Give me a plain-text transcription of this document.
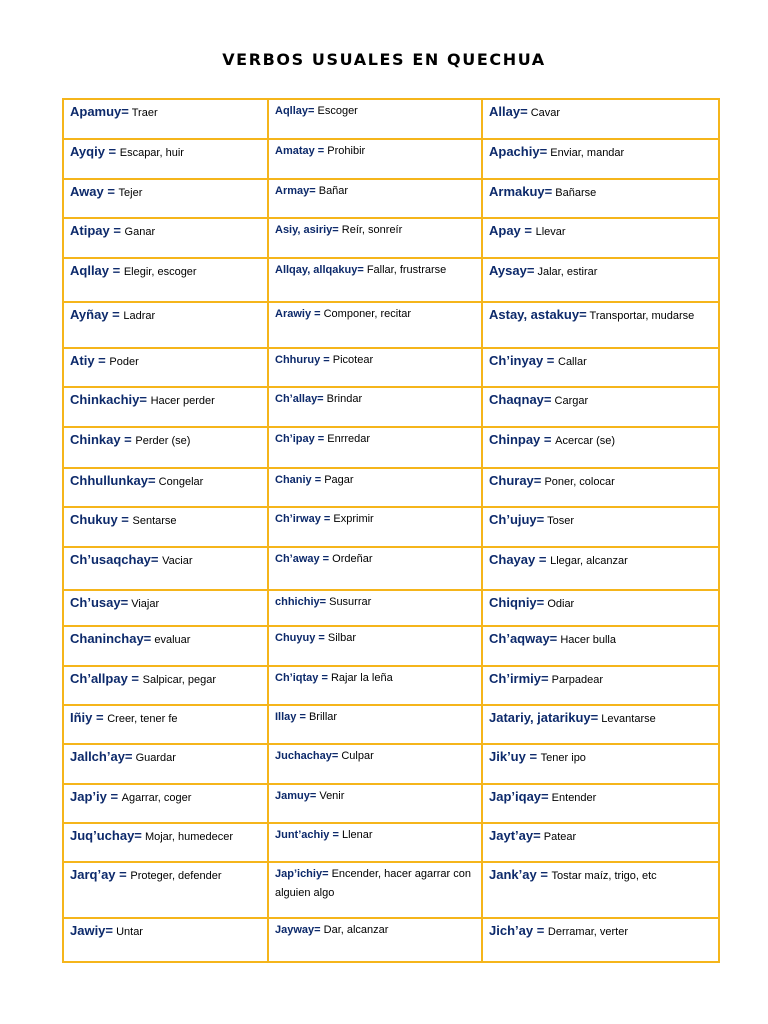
VERBOS USUALES EN QUECHUA
Apamuy= Traer	Aqllay= Escoger	Allay= Cavar
Ayqiy = Escapar, huir	Amatay = Prohibir	Apachiy= Enviar, mandar
Away = Tejer	Armay= Bañar	Armakuy= Bañarse
Atipay = Ganar	Asiy, asiriy= Reír, sonreír	Apay = Llevar
Aqllay = Elegir, escoger	Allqay, allqakuy= Fallar, frustrarse	Aysay= Jalar, estirar
Ayñay = Ladrar	Arawiy = Componer, recitar	Astay, astakuy= Transportar, mudarse
Atiy = Poder	Chhuruy = Picotear	Ch’inyay = Callar
Chinkachiy= Hacer perder	Ch’allay= Brindar	Chaqnay= Cargar
Chinkay = Perder (se)	Ch’ipay = Enrredar	Chinpay = Acercar (se)
Chhullunkay= Congelar	Chaniy = Pagar	Churay= Poner, colocar
Chukuy = Sentarse	Ch’irway = Exprimir	Ch’ujuy= Toser
Ch’usaqchay= Vaciar	Ch’away = Ordeñar	Chayay = Llegar, alcanzar
Ch’usay= Viajar	chhichiy= Susurrar	Chiqniy= Odiar
Chaninchay= evaluar	Chuyuy = Silbar	Ch’aqway= Hacer bulla
Ch’allpay = Salpicar, pegar	Ch’iqtay = Rajar la leña	Ch’irmiy= Parpadear
Iñiy = Creer, tener fe	Illay = Brillar	Jatariy, jatarikuy= Levantarse
Jallch’ay= Guardar	Juchachay= Culpar	Jik’uy = Tener ipo
Jap’iy = Agarrar, coger	Jamuy= Venir	Jap’iqay= Entender
Juq’uchay= Mojar, humedecer	Junt’achiy = Llenar	Jayt’ay= Patear
Jarq’ay = Proteger, defender	Jap’ichiy= Encender, hacer agarrar con alguien algo	Jank’ay = Tostar maíz, trigo, etc
Jawiy= Untar	Jayway= Dar, alcanzar	Jich’ay = Derramar, verter
